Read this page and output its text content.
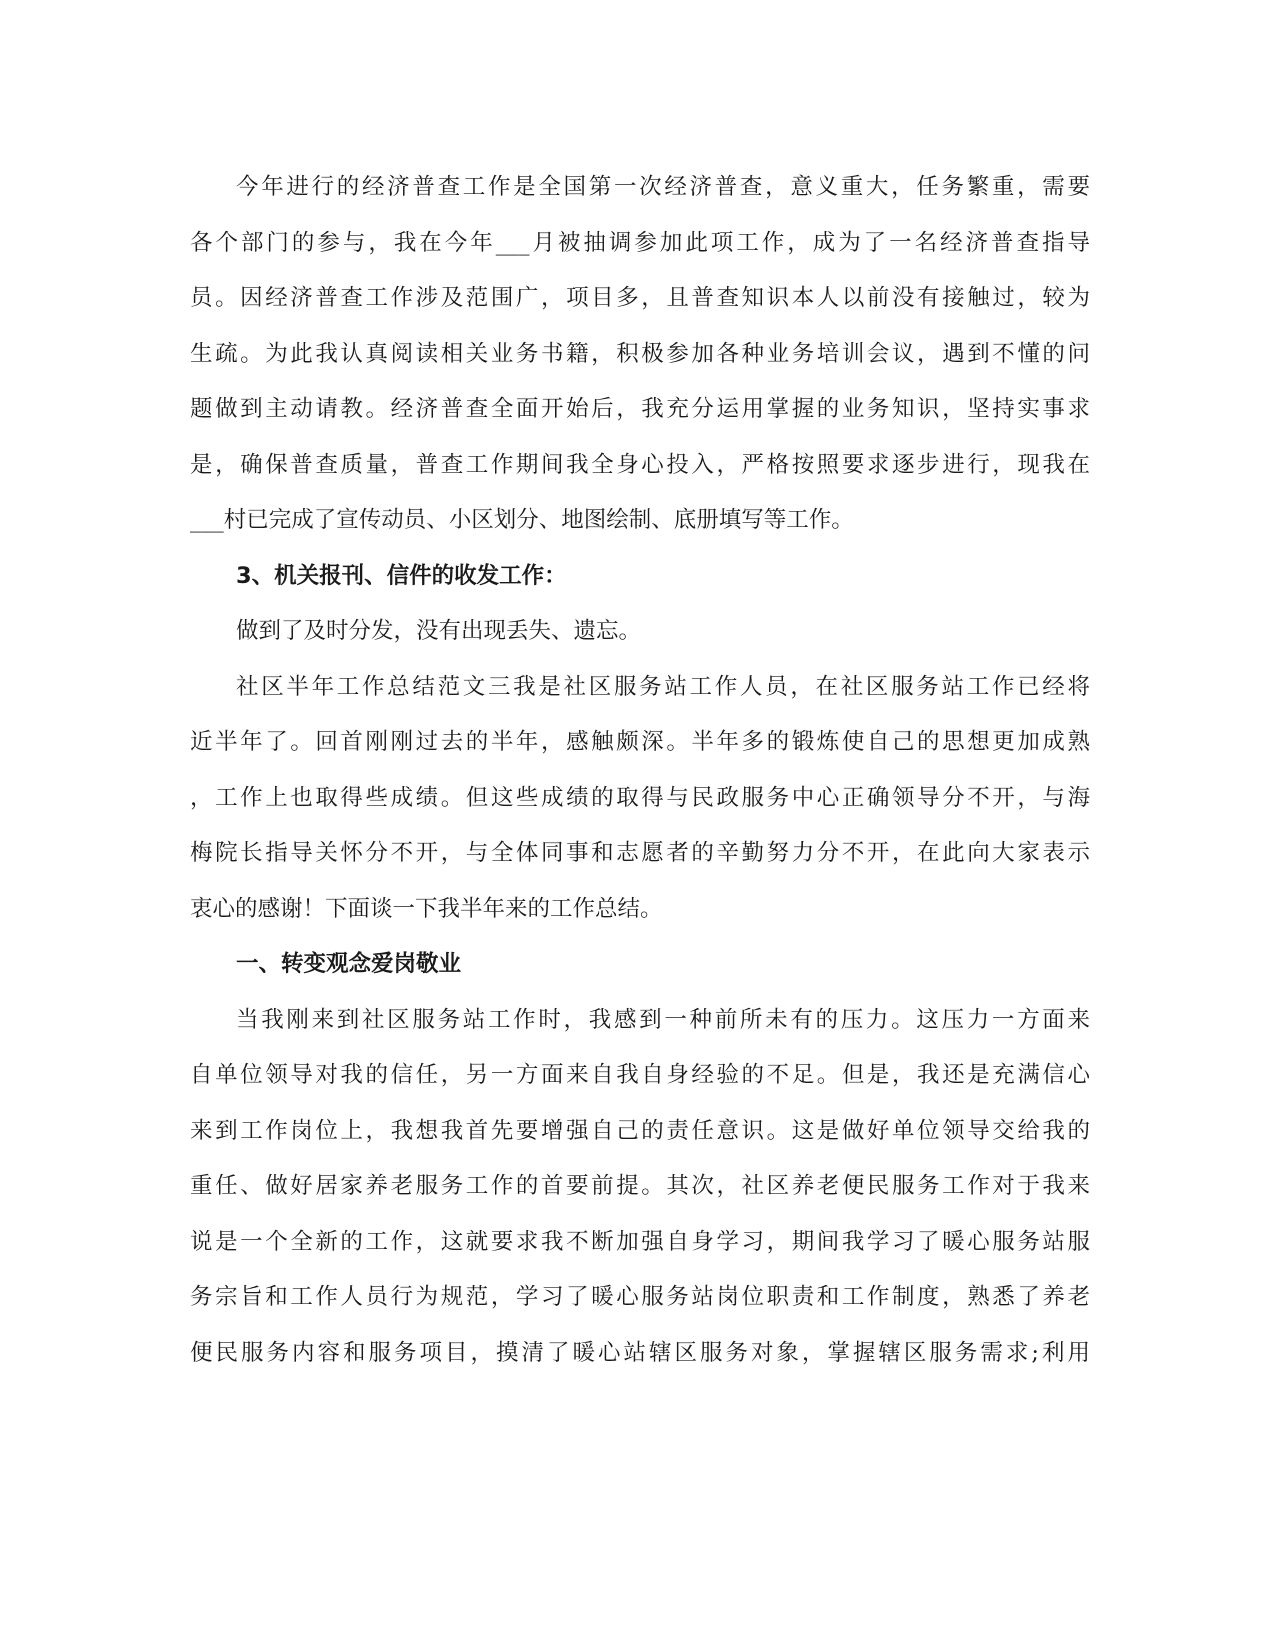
今年进行的经济普查工作是全国第一次经济普查，意义重大，任务繁重，需要
各个部门的参与，我在今年___月被抽调参加此项工作，成为了一名经济普查指导
员。因经济普查工作涉及范围广，项目多，且普查知识本人以前没有接触过，较为
生疏。为此我认真阅读相关业务书籍，积极参加各种业务培训会议，遇到不懂的问
题做到主动请教。经济普查全面开始后，我充分运用掌握的业务知识，坚持实事求
是，确保普查质量，普查工作期间我全身心投入，严格按照要求逐步进行，现我在
___村已完成了宣传动员、小区划分、地图绘制、底册填写等工作。
3、机关报刊、信件的收发工作：
做到了及时分发，没有出现丢失、遗忘。
社区半年工作总结范文三我是社区服务站工作人员，在社区服务站工作已经将
近半年了。回首刚刚过去的半年，感触颇深。半年多的锻炼使自己的思想更加成熟
，工作上也取得些成绩。但这些成绩的取得与民政服务中心正确领导分不开，与海
梅院长指导关怀分不开，与全体同事和志愿者的辛勤努力分不开，在此向大家表示
衷心的感谢！下面谈一下我半年来的工作总结。
一、转变观念爱岗敬业
当我刚来到社区服务站工作时，我感到一种前所未有的压力。这压力一方面来
自单位领导对我的信任，另一方面来自我自身经验的不足。但是，我还是充满信心
来到工作岗位上，我想我首先要增强自己的责任意识。这是做好单位领导交给我的
重任、做好居家养老服务工作的首要前提。其次，社区养老便民服务工作对于我来
说是一个全新的工作，这就要求我不断加强自身学习，期间我学习了暖心服务站服
务宗旨和工作人员行为规范，学习了暖心服务站岗位职责和工作制度，熟悉了养老
便民服务内容和服务项目，摸清了暖心站辖区服务对象，掌握辖区服务需求;利用
